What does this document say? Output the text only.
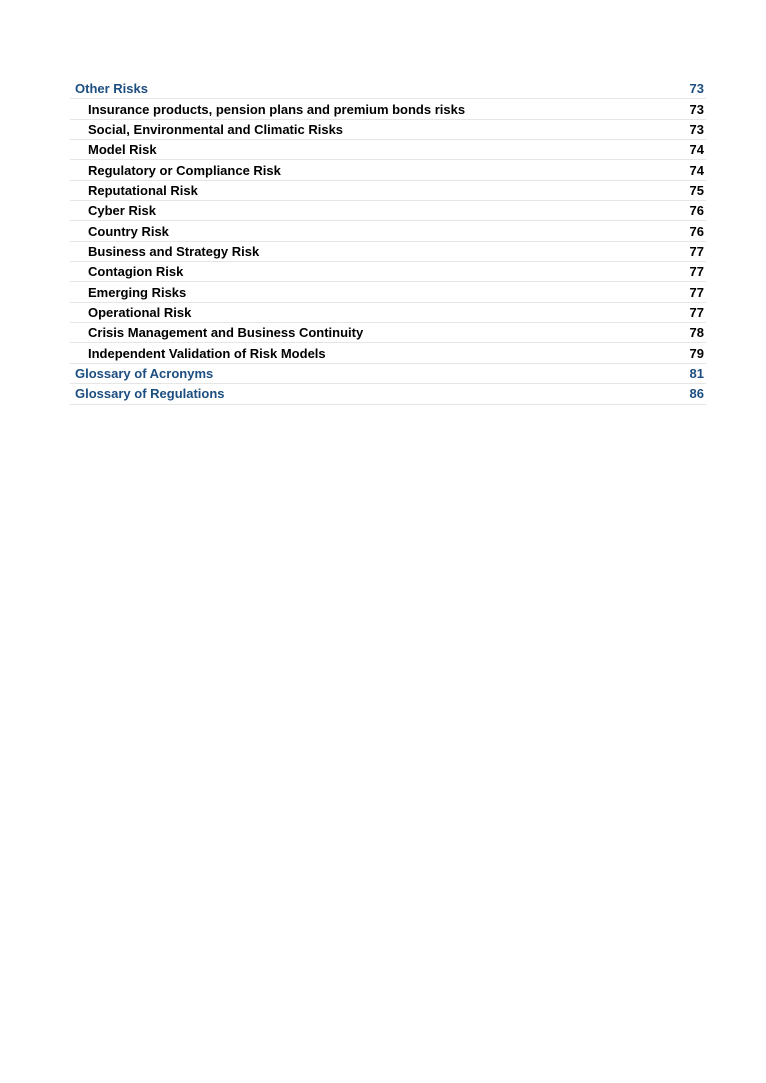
Other Risks	73
Insurance products, pension plans and premium bonds risks	73
Social, Environmental and Climatic Risks	73
Model Risk	74
Regulatory or Compliance Risk	74
Reputational Risk	75
Cyber Risk	76
Country Risk	76
Business and Strategy Risk	77
Contagion Risk	77
Emerging Risks	77
Operational Risk	77
Crisis Management and Business Continuity	78
Independent Validation of Risk Models	79
Glossary of Acronyms	81
Glossary of Regulations	86
